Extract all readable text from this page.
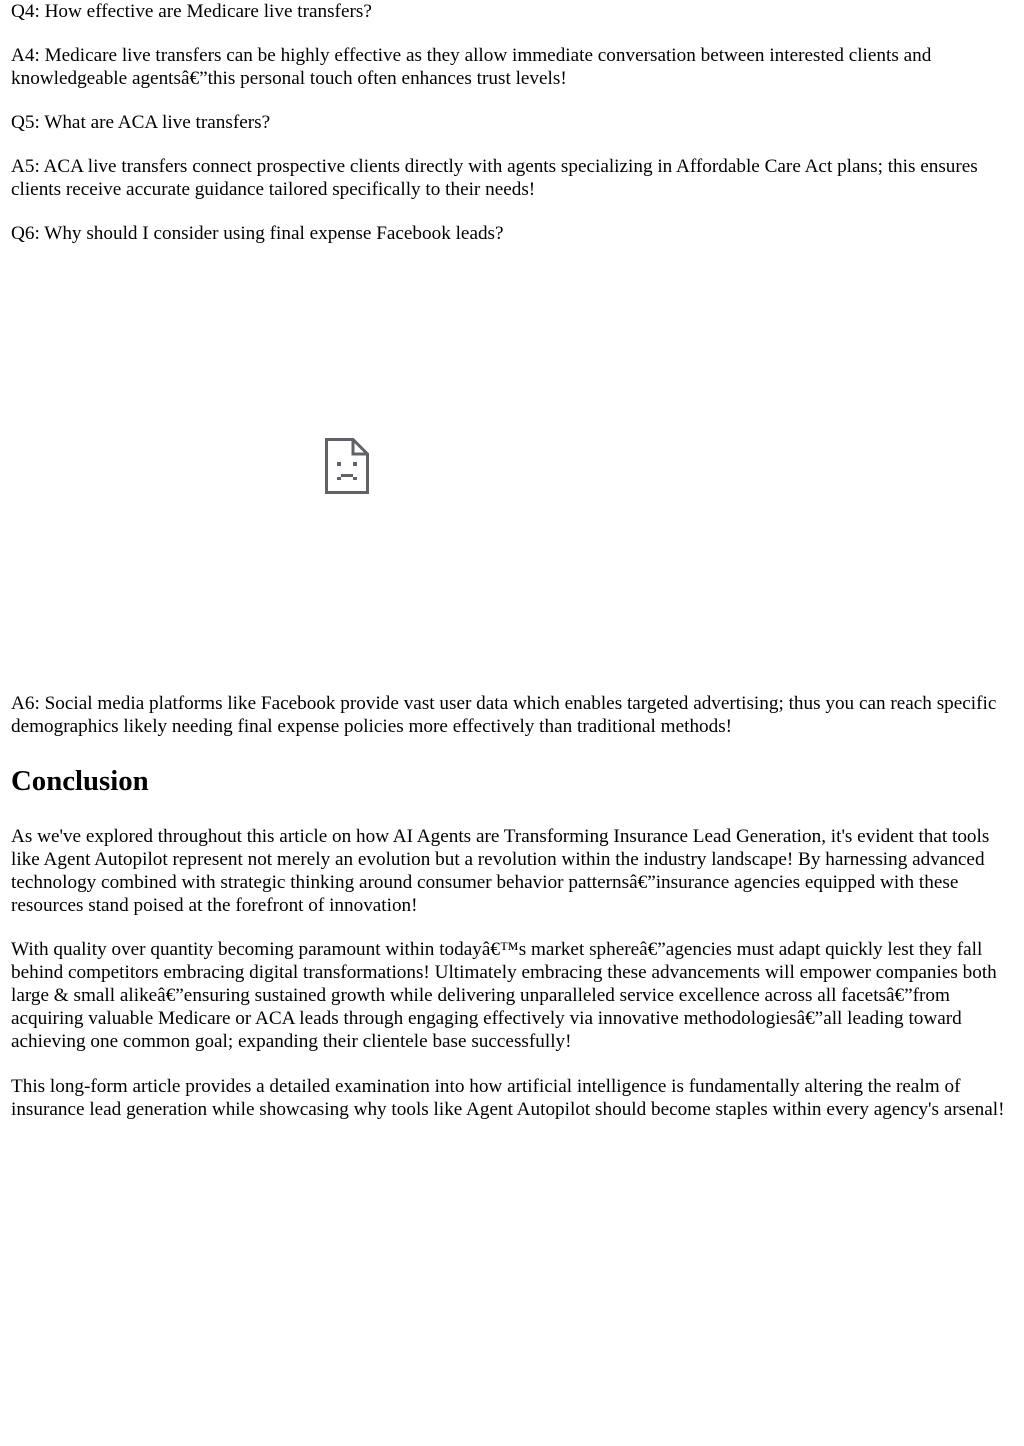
Q4: How effective are Medicare live transfers?

A4: Medicare live transfers can be highly effective as they allow immediate conversation between interested clients and knowledgeable agentsâ€”this personal touch often enhances trust levels!

Q5: What are ACA live transfers?

A5: ACA live transfers connect prospective clients directly with agents specializing in Affordable Care Act plans; this ensures clients receive accurate guidance tailored specifically to their needs!

Q6: Why should I consider using final expense Facebook leads?

A6: Social media platforms like Facebook provide vast user data which enables targeted advertising; thus you can reach specific demographics likely needing final expense policies more effectively than traditional methods!

Conclusion

As we've explored throughout this article on how AI Agents are Transforming Insurance Lead Generation, it's evident that tools like Agent Autopilot represent not merely an evolution but a revolution within the industry landscape! By harnessing advanced technology combined with strategic thinking around consumer behavior patternsâ€”insurance agencies equipped with these resources stand poised at the forefront of innovation!

With quality over quantity becoming paramount within todayâ€™s market sphereâ€”agencies must adapt quickly lest they fall behind competitors embracing digital transformations! Ultimately embracing these advancements will empower companies both large & small alikeâ€”ensuring sustained growth while delivering unparalleled service excellence across all facetsâ€”from acquiring valuable Medicare or ACA leads through engaging effectively via innovative methodologiesâ€”all leading toward achieving one common goal; expanding their clientele base successfully!

This long-form article provides a detailed examination into how artificial intelligence is fundamentally altering the realm of insurance lead generation while showcasing why tools like Agent Autopilot should become staples within every agency's arsenal!
